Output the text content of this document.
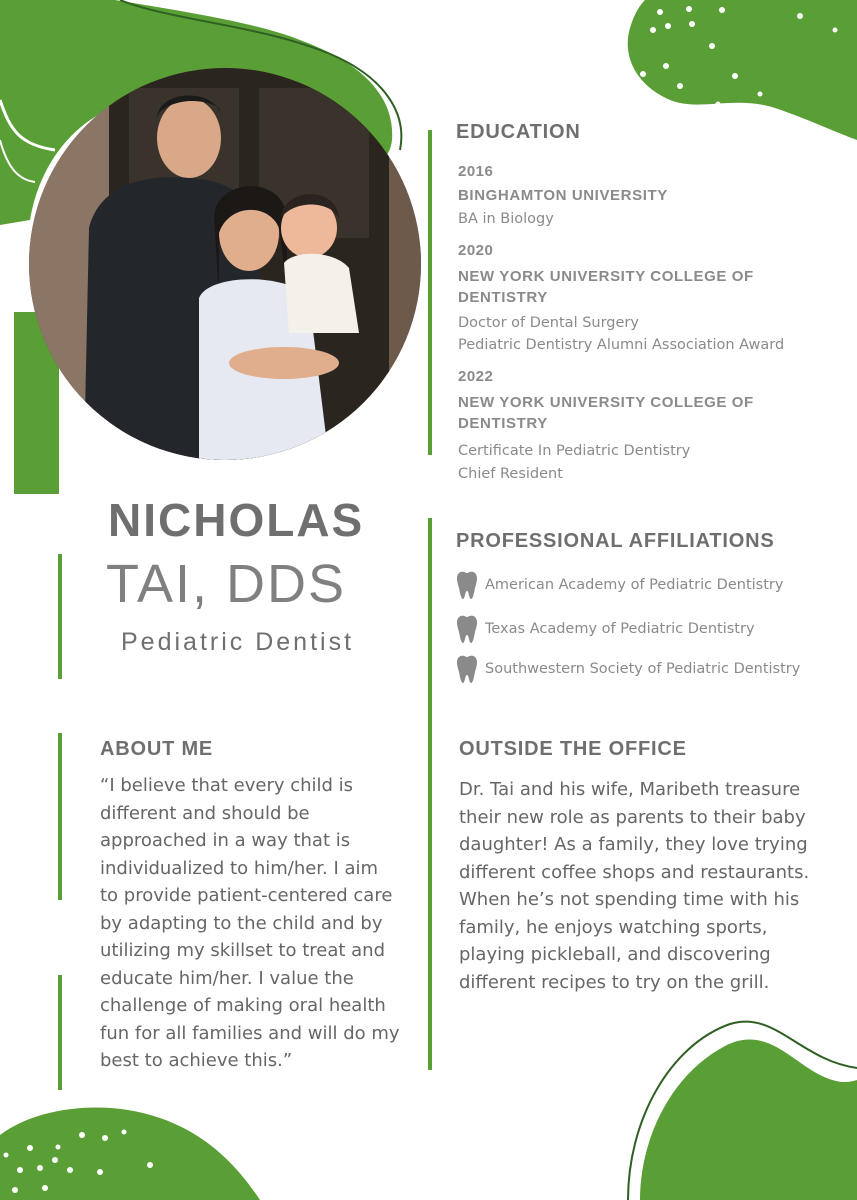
NICHOLAS
TAI, DDS
Pediatric Dentist
EDUCATION
2016
BINGHAMTON UNIVERSITY
BA in Biology
2020
NEW YORK UNIVERSITY COLLEGE OF DENTISTRY
Doctor of Dental Surgery
Pediatric Dentistry Alumni Association Award
2022
NEW YORK UNIVERSITY COLLEGE OF DENTISTRY
Certificate In Pediatric Dentistry
Chief Resident
PROFESSIONAL AFFILIATIONS
American Academy of Pediatric Dentistry
Texas Academy of Pediatric Dentistry
Southwestern Society of Pediatric Dentistry
ABOUT ME

“I believe that every child is different and should be approached in a way that is individualized to him/her. I aim to provide patient-centered care by adapting to the child and by utilizing my skillset to treat and educate him/her. I value the challenge of making oral health fun for all families and will do my best to achieve this.”

OUTSIDE THE OFFICE

Dr. Tai and his wife, Maribeth treasure their new role as parents to their baby daughter! As a family, they love trying different coffee shops and restaurants. When he’s not spending time with his family, he enjoys watching sports, playing pickleball, and discovering different recipes to try on the grill.
